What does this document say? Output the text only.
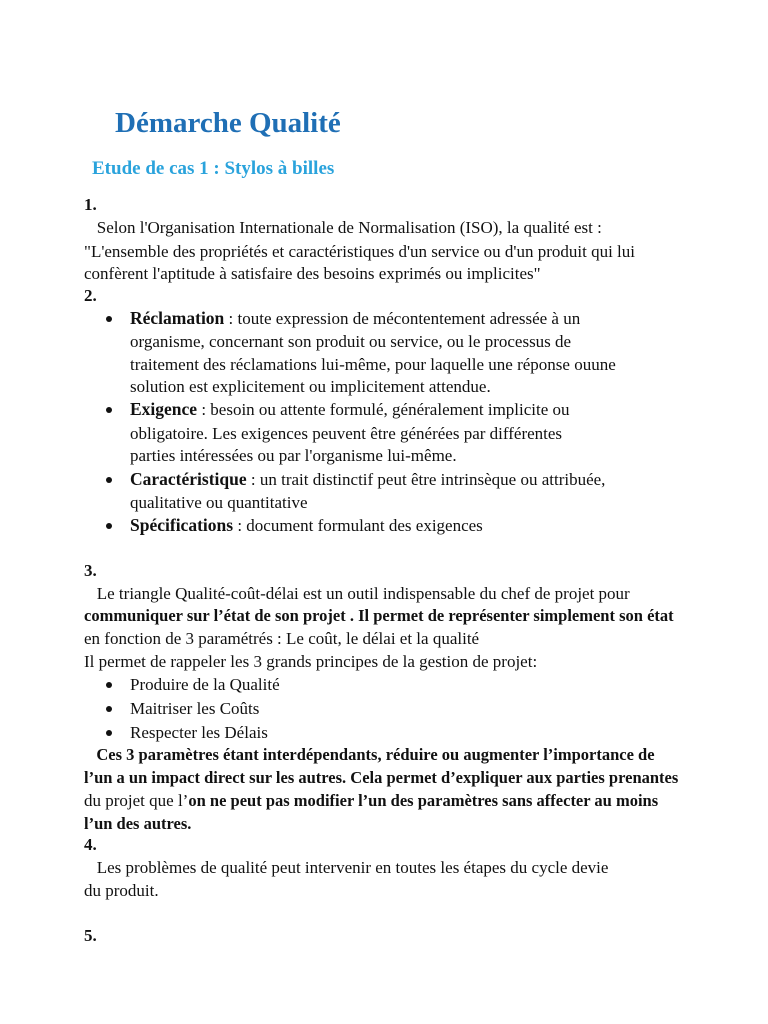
Démarche Qualité
Etude de cas 1 : Stylos à billes
1.
Selon l'Organisation Internationale de Normalisation (ISO), la qualité est :
"L'ensemble des propriétés et caractéristiques d'un service ou d'un produit qui lui
confèrent l'aptitude à satisfaire des besoins exprimés ou implicites"
2.
Réclamation : toute expression de mécontentement adressée à un
organisme, concernant son produit ou service, ou le processus de
traitement des réclamations lui-même, pour laquelle une réponse ouune
solution est explicitement ou implicitement attendue.
Exigence : besoin ou attente formulé, généralement implicite ou
obligatoire. Les exigences peuvent être générées par différentes
parties intéressées ou par l'organisme lui-même.
Caractéristique : un trait distinctif peut être intrinsèque ou attribuée,
qualitative ou quantitative
Spécifications : document formulant des exigences
3.
Le triangle Qualité-coût-délai est un outil indispensable du chef de projet pour
communiquer sur l’état de son projet . Il permet de représenter simplement son état
en fonction de 3 paramétrés : Le coût, le délai et la qualité
Il permet de rappeler les 3 grands principes de la gestion de projet:
Produire de la Qualité
Maitriser les Coûts
Respecter les Délais
Ces 3 paramètres étant interdépendants, réduire ou augmenter l’importance de
l’un a un impact direct sur les autres. Cela permet d’expliquer aux parties prenantes
du projet que l’on ne peut pas modifier l’un des paramètres sans affecter au moins
l’un des autres.
4.
Les problèmes de qualité peut intervenir en toutes les étapes du cycle devie
du produit.
5.
